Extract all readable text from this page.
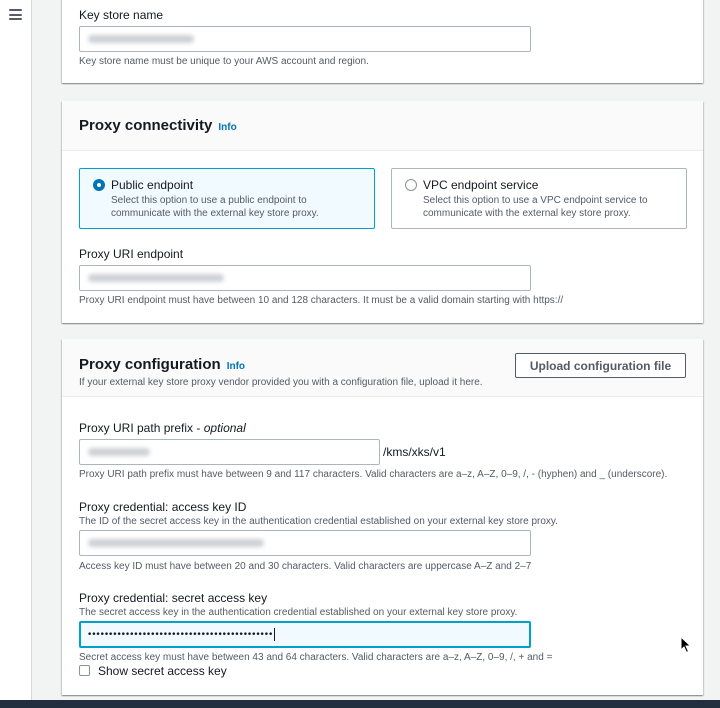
Key store name
Key store name must be unique to your AWS account and region.
Proxy connectivity Info
Public endpoint
Select this option to use a public endpoint to communicate with the external key store proxy.
VPC endpoint service
Select this option to use a VPC endpoint service to communicate with the external key store proxy.
Proxy URI endpoint
Proxy URI endpoint must have between 10 and 128 characters. It must be a valid domain starting with https://
Proxy configuration Info
If your external key store proxy vendor provided you with a configuration file, upload it here.
Upload configuration file
Proxy URI path prefix - optional
/kms/xks/v1
Proxy URI path prefix must have between 9 and 117 characters. Valid characters are a–z, A–Z, 0–9, /, - (hyphen) and _ (underscore).
Proxy credential: access key ID
The ID of the secret access key in the authentication credential established on your external key store proxy.
Access key ID must have between 20 and 30 characters. Valid characters are uppercase A–Z and 2–7
Proxy credential: secret access key
The secret access key in the authentication credential established on your external key store proxy.
••••••••••••••••••••••••••••••••••••••••••••
Secret access key must have between 43 and 64 characters. Valid characters are a–z, A–Z, 0–9, /, + and =
Show secret access key
